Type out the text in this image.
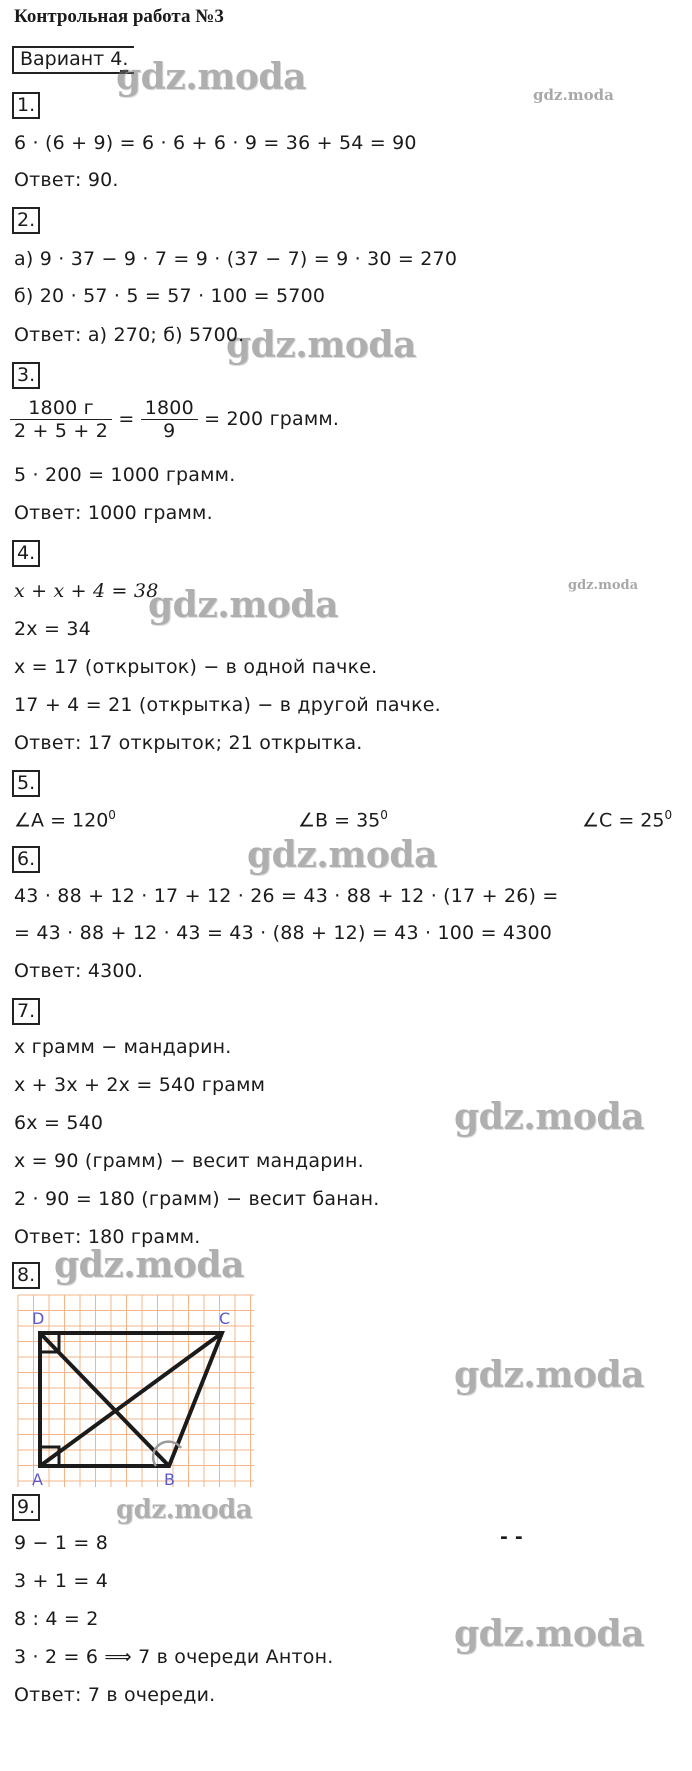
Контрольная работа №3
Вариант 4.
gdz.moda	gdz.moda
gdz.moda
gdz.moda	gdz.moda
gdz.moda
gdz.moda
gdz.moda
gdz.moda
gdz.moda
gdz.moda
1.
6 · (6 + 9) = 6 · 6 + 6 · 9 = 36 + 54 = 90
Ответ: 90.
2.
а) 9 · 37 − 9 · 7 = 9 · (37 − 7) = 9 · 30 = 270
б) 20 · 57 · 5 = 57 · 100 = 5700
Ответ: а) 270; б) 5700.
3.
$\frac{1800 г}{2 + 5 + 2} = \frac{1800}{9} = 200$ грамм.
5 · 200 = 1000 грамм.
Ответ: 1000 грамм.
4.
x + x + 4 = 38
2x = 34
x = 17 (открыток) − в одной пачке.
17 + 4 = 21 (открытка) − в другой пачке.
Ответ: 17 открыток; 21 открытка.
5.
∠A = $120^0$	∠B = $35^0$	∠C = $25^0$
6.
43 · 88 + 12 · 17 + 12 · 26 = 43 · 88 + 12 · (17 + 26) =
= 43 · 88 + 12 · 43 = 43 · (88 + 12) = 43 · 100 = 4300
Ответ: 4300.
7.
x грамм − мандарин.
x + 3x + 2x = 540 грамм
6x = 540
x = 90 (грамм) − весит мандарин.
2 · 90 = 180 (грамм) − весит банан.
Ответ: 180 грамм.
8.
D	C
A	B
9.
9 − 1 = 8
3 + 1 = 4
8 : 4 = 2
3 · 2 = 6 ⟹ 7 в очереди Антон.
Ответ: 7 в очереди.
- -
